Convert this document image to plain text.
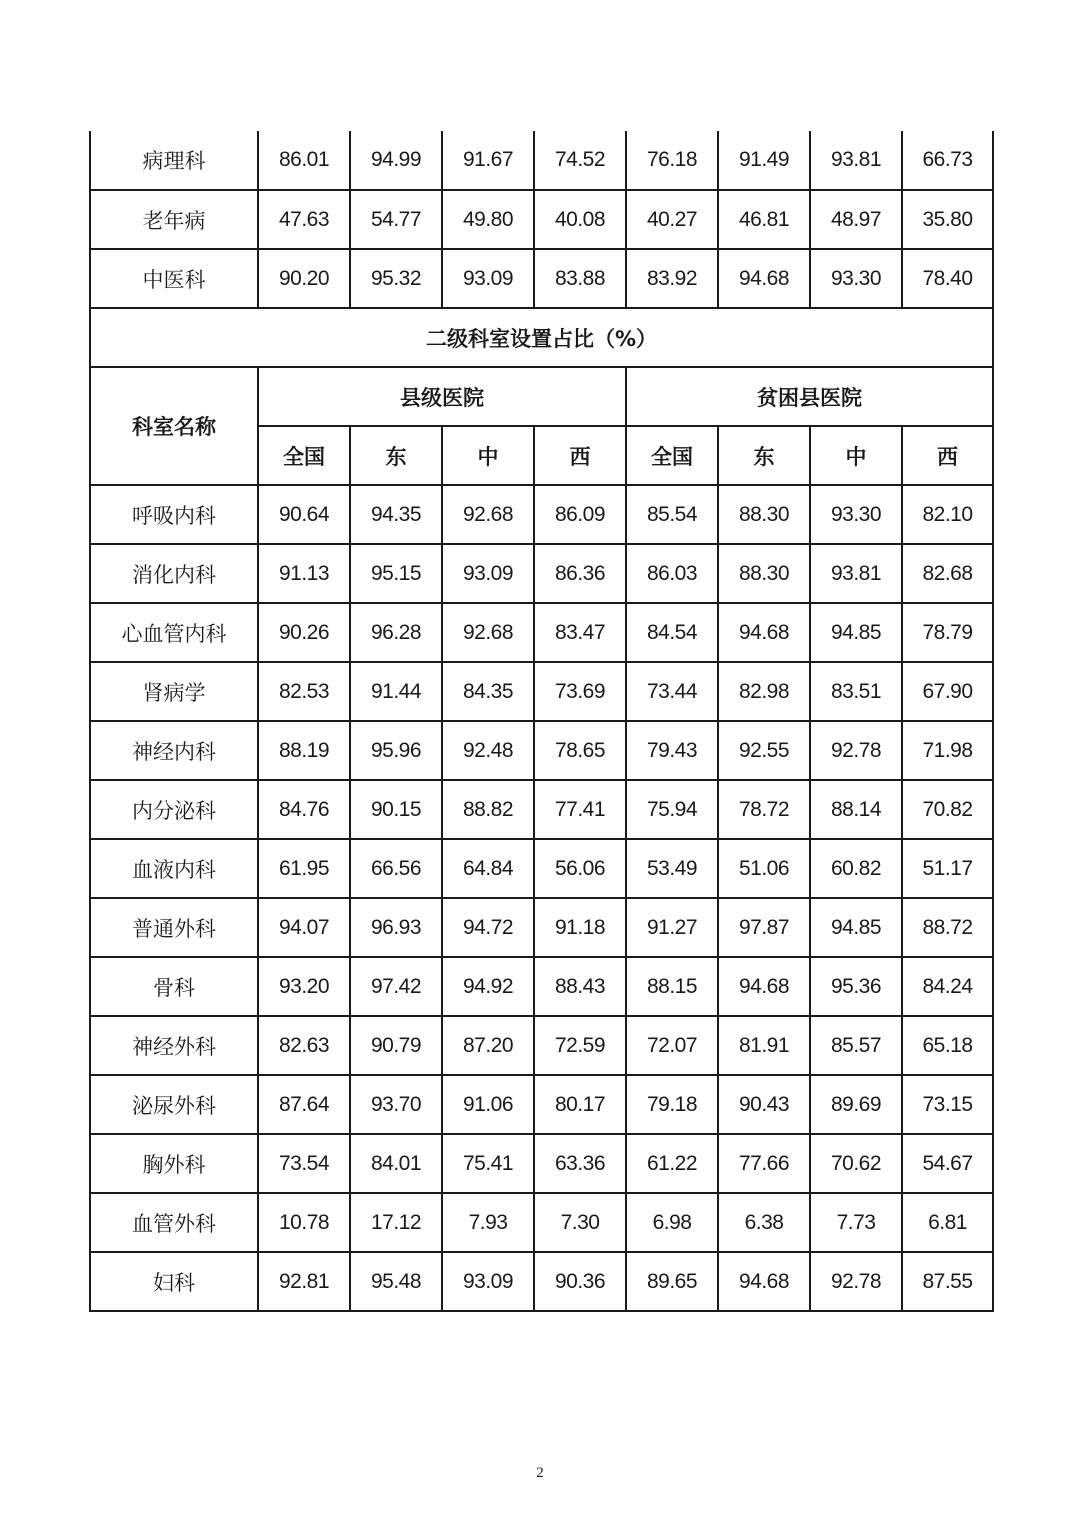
病理科	86.01	94.99	91.67	74.52	76.18	91.49	93.81	66.73
老年病	47.63	54.77	49.80	40.08	40.27	46.81	48.97	35.80
中医科	90.20	95.32	93.09	83.88	83.92	94.68	93.30	78.40
二级科室设置占比（%）								
科室名称	县级医院				贫困县医院			
	全国	东	中	西	全国	东	中	西
呼吸内科	90.64	94.35	92.68	86.09	85.54	88.30	93.30	82.10
消化内科	91.13	95.15	93.09	86.36	86.03	88.30	93.81	82.68
心血管内科	90.26	96.28	92.68	83.47	84.54	94.68	94.85	78.79
肾病学	82.53	91.44	84.35	73.69	73.44	82.98	83.51	67.90
神经内科	88.19	95.96	92.48	78.65	79.43	92.55	92.78	71.98
内分泌科	84.76	90.15	88.82	77.41	75.94	78.72	88.14	70.82
血液内科	61.95	66.56	64.84	56.06	53.49	51.06	60.82	51.17
普通外科	94.07	96.93	94.72	91.18	91.27	97.87	94.85	88.72
骨科	93.20	97.42	94.92	88.43	88.15	94.68	95.36	84.24
神经外科	82.63	90.79	87.20	72.59	72.07	81.91	85.57	65.18
泌尿外科	87.64	93.70	91.06	80.17	79.18	90.43	89.69	73.15
胸外科	73.54	84.01	75.41	63.36	61.22	77.66	70.62	54.67
血管外科	10.78	17.12	7.93	7.30	6.98	6.38	7.73	6.81
妇科	92.81	95.48	93.09	90.36	89.65	94.68	92.78	87.55
2
